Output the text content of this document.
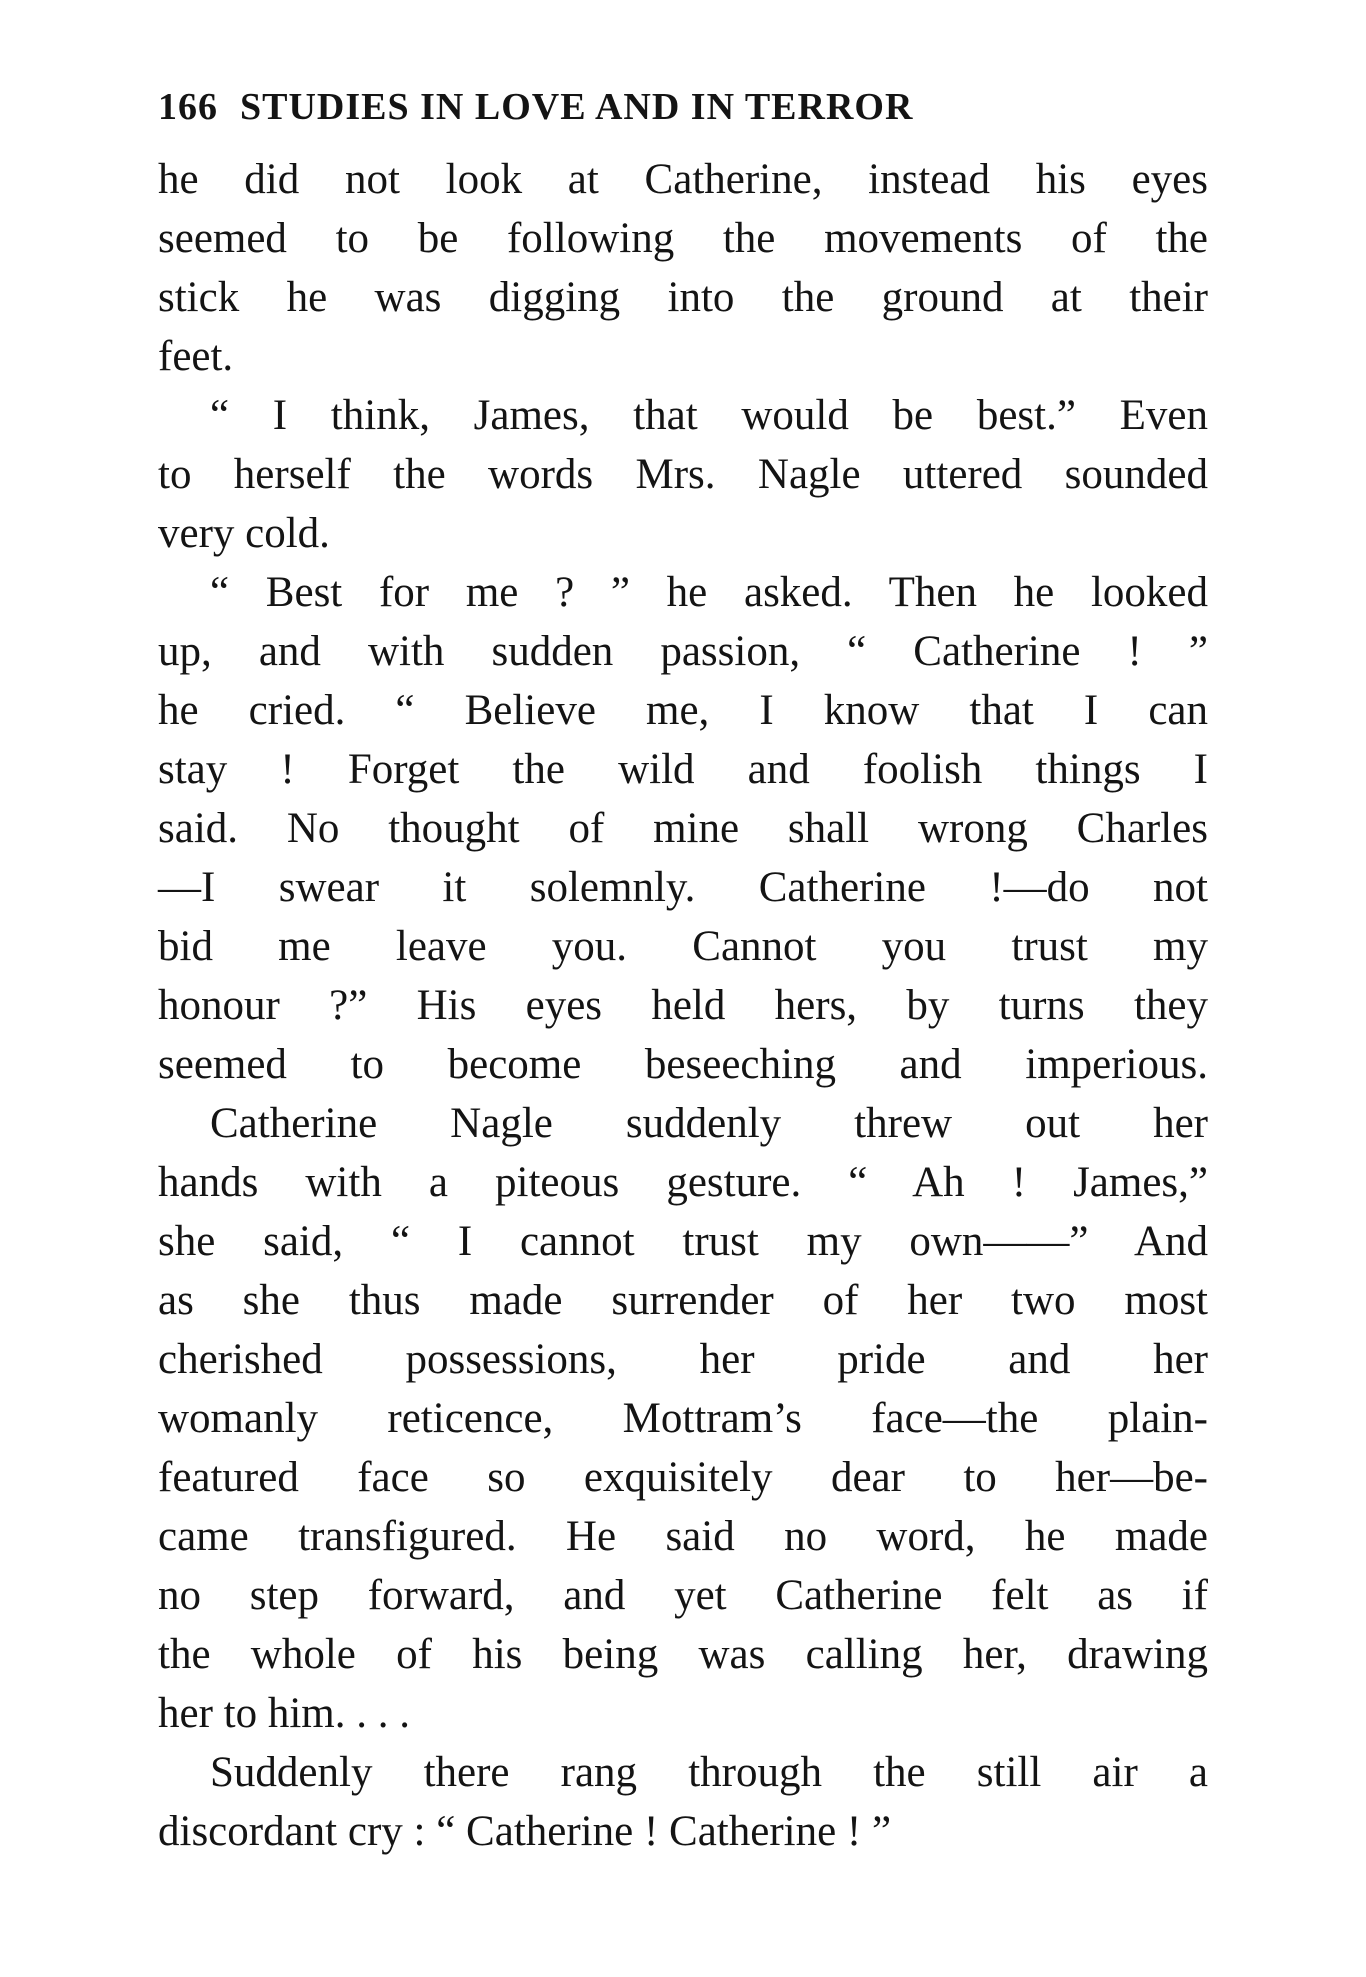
166 STUDIES IN LOVE AND IN TERROR
he did not look at Catherine, instead his eyes
seemed to be following the movements of the
stick he was digging into the ground at their
feet.
“ I think, James, that would be best.” Even
to herself the words Mrs. Nagle uttered sounded
very cold.
“ Best for me ? ” he asked. Then he looked
up, and with sudden passion, “ Catherine ! ”
he cried. “ Believe me, I know that I can
stay ! Forget the wild and foolish things I
said. No thought of mine shall wrong Charles
—I swear it solemnly. Catherine !—do not
bid me leave you. Cannot you trust my
honour ?” His eyes held hers, by turns they
seemed to become beseeching and imperious.
Catherine Nagle suddenly threw out her
hands with a piteous gesture. “ Ah ! James,”
she said, “ I cannot trust my own——” And
as she thus made surrender of her two most
cherished possessions, her pride and her
womanly reticence, Mottram’s face—the plain-
featured face so exquisitely dear to her—be-
came transfigured. He said no word, he made
no step forward, and yet Catherine felt as if
the whole of his being was calling her, drawing
her to him. . . .
Suddenly there rang through the still air a
discordant cry : “ Catherine ! Catherine ! ”
